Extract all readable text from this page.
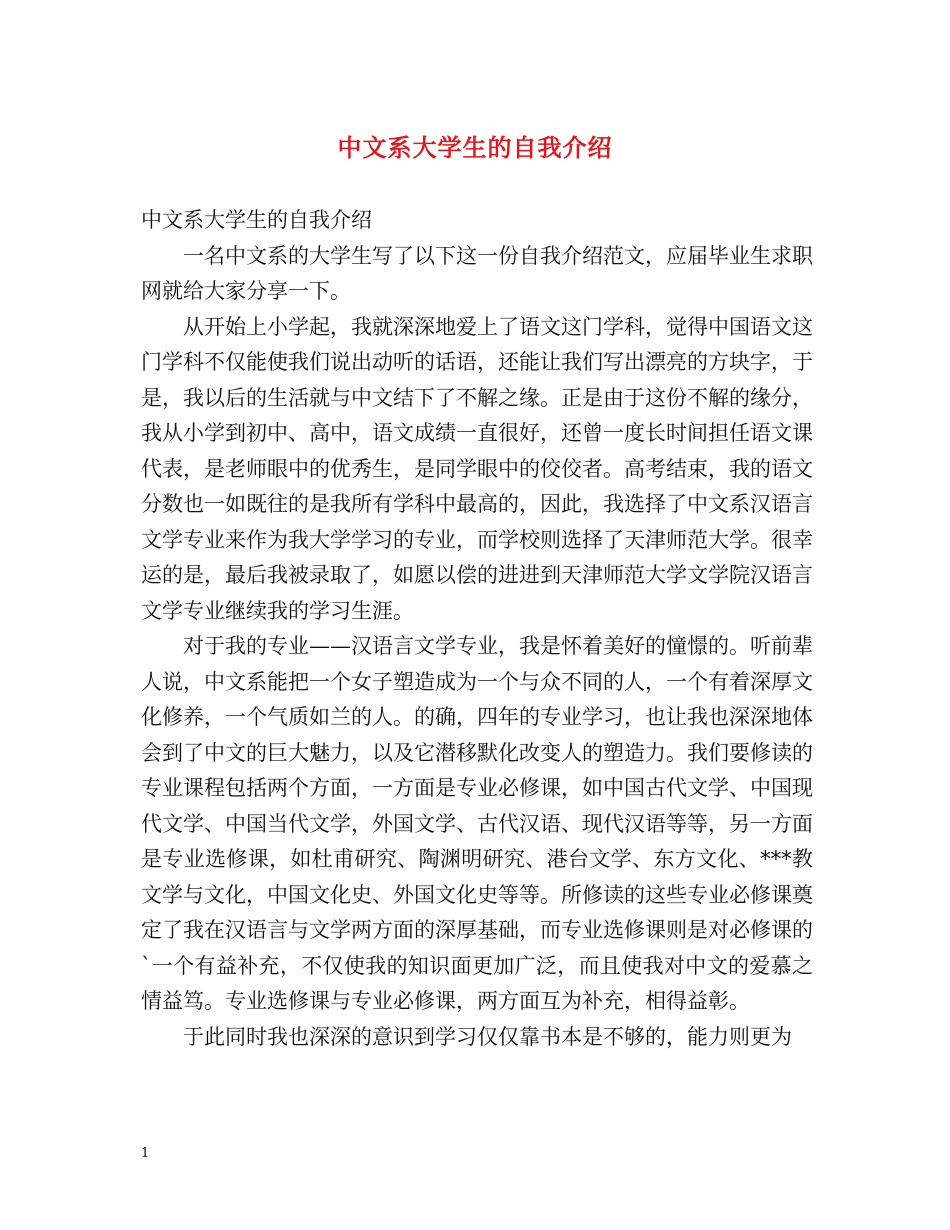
中文系大学生的自我介绍

中文系大学生的自我介绍

一名中文系的大学生写了以下这一份自我介绍范文，应届毕业生求职网就给大家分享一下。

从开始上小学起，我就深深地爱上了语文这门学科，觉得中国语文这门学科不仅能使我们说出动听的话语，还能让我们写出漂亮的方块字，于是，我以后的生活就与中文结下了不解之缘。正是由于这份不解的缘分，我从小学到初中、高中，语文成绩一直很好，还曾一度长时间担任语文课代表，是老师眼中的优秀生，是同学眼中的佼佼者。高考结束，我的语文分数也一如既往的是我所有学科中最高的，因此，我选择了中文系汉语言文学专业来作为我大学学习的专业，而学校则选择了天津师范大学。很幸运的是，最后我被录取了，如愿以偿的进进到天津师范大学文学院汉语言文学专业继续我的学习生涯。

对于我的专业——汉语言文学专业，我是怀着美好的憧憬的。听前辈人说，中文系能把一个女子塑造成为一个与众不同的人，一个有着深厚文化修养，一个气质如兰的人。的确，四年的专业学习，也让我也深深地体会到了中文的巨大魅力，以及它潜移默化改变人的塑造力。我们要修读的专业课程包括两个方面，一方面是专业必修课，如中国古代文学、中国现代文学、中国当代文学，外国文学、古代汉语、现代汉语等等，另一方面是专业选修课，如杜甫研究、陶渊明研究、港台文学、东方文化、***教文学与文化，中国文化史、外国文化史等等。所修读的这些专业必修课奠定了我在汉语言与文学两方面的深厚基础，而专业选修课则是对必修课的`一个有益补充，不仅使我的知识面更加广泛，而且使我对中文的爱慕之情益笃。专业选修课与专业必修课，两方面互为补充，相得益彰。

于此同时我也深深的意识到学习仅仅靠书本是不够的，能力则更为

1
